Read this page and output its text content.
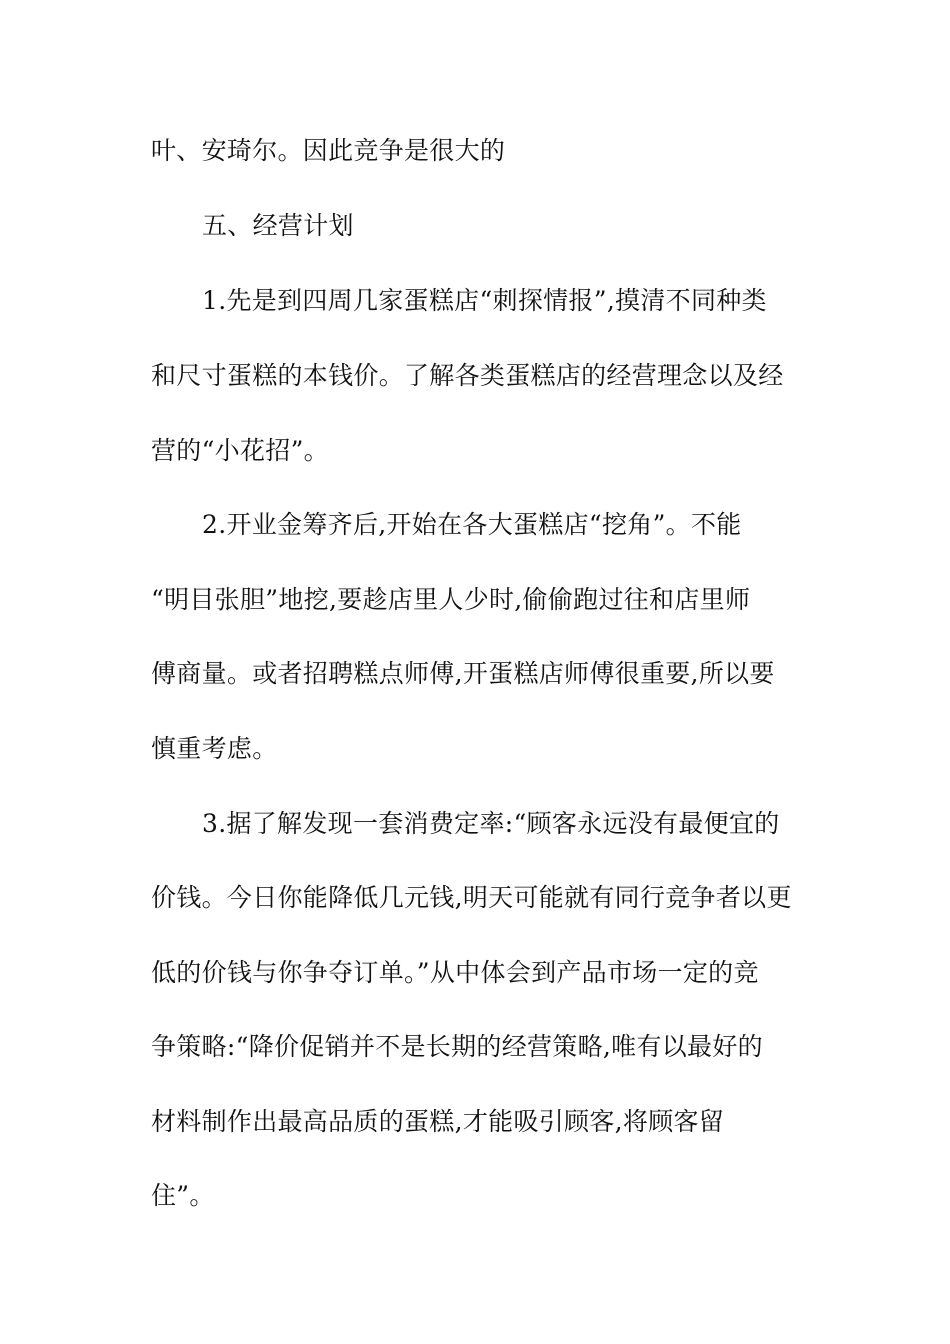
叶、安琦尔。因此竞争是很大的
五、经营计划
1.先是到四周几家蛋糕店“刺探情报”,摸清不同种类
和尺寸蛋糕的本钱价。了解各类蛋糕店的经营理念以及经
营的“小花招”。
2.开业金筹齐后,开始在各大蛋糕店“挖角”。不能
“明目张胆”地挖,要趁店里人少时,偷偷跑过往和店里师
傅商量。或者招聘糕点师傅,开蛋糕店师傅很重要,所以要
慎重考虑。
3.据了解发现一套消费定率:“顾客永远没有最便宜的
价钱。今日你能降低几元钱,明天可能就有同行竞争者以更
低的价钱与你争夺订单。”从中体会到产品市场一定的竞
争策略:“降价促销并不是长期的经营策略,唯有以最好的
材料制作出最高品质的蛋糕,才能吸引顾客,将顾客留
住”。
